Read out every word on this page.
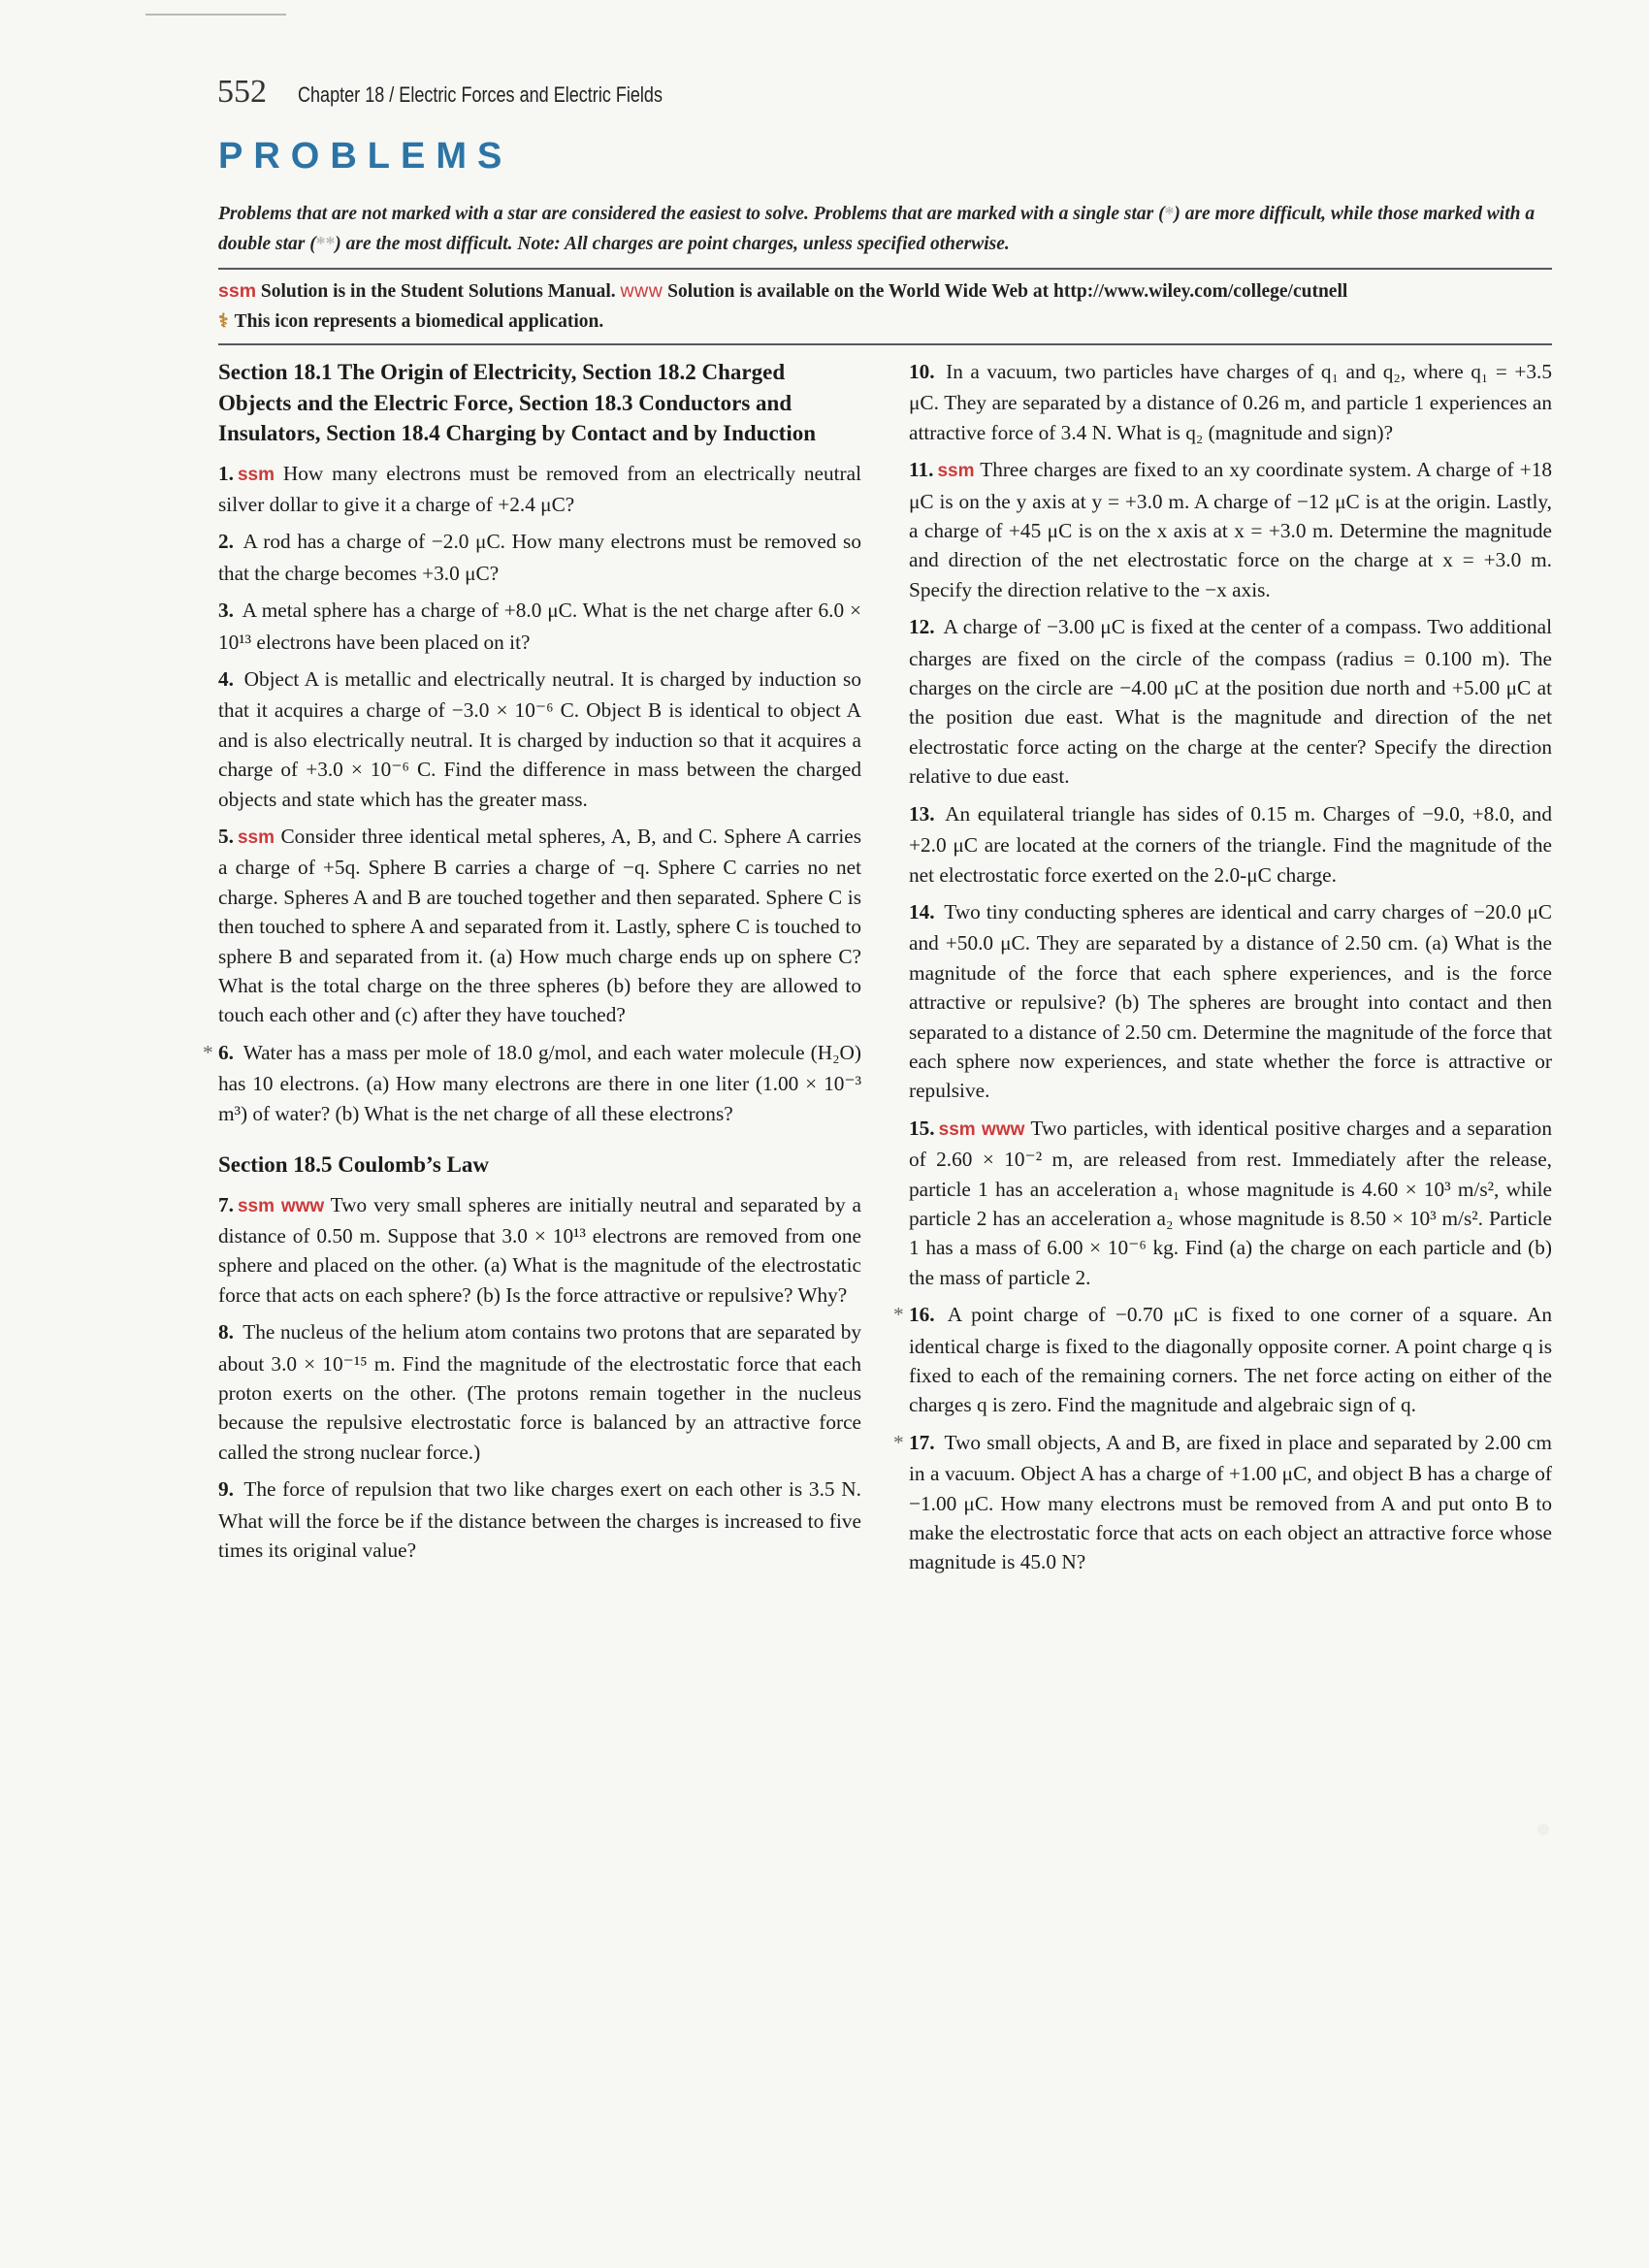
552 Chapter 18 / Electric Forces and Electric Fields
PROBLEMS
Problems that are not marked with a star are considered the easiest to solve. Problems that are marked with a single star (*) are more difficult, while those marked with a double star (**) are the most difficult. Note: All charges are point charges, unless specified otherwise.
ssm Solution is in the Student Solutions Manual. www Solution is available on the World Wide Web at http://www.wiley.com/college/cutnell
⚕ This icon represents a biomedical application.
Section 18.1 The Origin of Electricity, Section 18.2 Charged Objects and the Electric Force, Section 18.3 Conductors and Insulators, Section 18.4 Charging by Contact and by Induction
1. ssm How many electrons must be removed from an electrically neutral silver dollar to give it a charge of +2.4 μC?
2. A rod has a charge of −2.0 μC. How many electrons must be removed so that the charge becomes +3.0 μC?
3. A metal sphere has a charge of +8.0 μC. What is the net charge after 6.0 × 10¹³ electrons have been placed on it?
4. Object A is metallic and electrically neutral. It is charged by induction so that it acquires a charge of −3.0 × 10⁻⁶ C. Object B is identical to object A and is also electrically neutral. It is charged by induction so that it acquires a charge of +3.0 × 10⁻⁶ C. Find the difference in mass between the charged objects and state which has the greater mass.
5. ssm Consider three identical metal spheres, A, B, and C. Sphere A carries a charge of +5q. Sphere B carries a charge of −q. Sphere C carries no net charge. Spheres A and B are touched together and then separated. Sphere C is then touched to sphere A and separated from it. Lastly, sphere C is touched to sphere B and separated from it. (a) How much charge ends up on sphere C? What is the total charge on the three spheres (b) before they are allowed to touch each other and (c) after they have touched?
* 6. Water has a mass per mole of 18.0 g/mol, and each water molecule (H₂O) has 10 electrons. (a) How many electrons are there in one liter (1.00 × 10⁻³ m³) of water? (b) What is the net charge of all these electrons?
Section 18.5 Coulomb’s Law
7. ssm www Two very small spheres are initially neutral and separated by a distance of 0.50 m. Suppose that 3.0 × 10¹³ electrons are removed from one sphere and placed on the other. (a) What is the magnitude of the electrostatic force that acts on each sphere? (b) Is the force attractive or repulsive? Why?
8. The nucleus of the helium atom contains two protons that are separated by about 3.0 × 10⁻¹⁵ m. Find the magnitude of the electrostatic force that each proton exerts on the other. (The protons remain together in the nucleus because the repulsive electrostatic force is balanced by an attractive force called the strong nuclear force.)
9. The force of repulsion that two like charges exert on each other is 3.5 N. What will the force be if the distance between the charges is increased to five times its original value?
10. In a vacuum, two particles have charges of q₁ and q₂, where q₁ = +3.5 μC. They are separated by a distance of 0.26 m, and particle 1 experiences an attractive force of 3.4 N. What is q₂ (magnitude and sign)?
11. ssm Three charges are fixed to an xy coordinate system. A charge of +18 μC is on the y axis at y = +3.0 m. A charge of −12 μC is at the origin. Lastly, a charge of +45 μC is on the x axis at x = +3.0 m. Determine the magnitude and direction of the net electrostatic force on the charge at x = +3.0 m. Specify the direction relative to the −x axis.
12. A charge of −3.00 μC is fixed at the center of a compass. Two additional charges are fixed on the circle of the compass (radius = 0.100 m). The charges on the circle are −4.00 μC at the position due north and +5.00 μC at the position due east. What is the magnitude and direction of the net electrostatic force acting on the charge at the center? Specify the direction relative to due east.
13. An equilateral triangle has sides of 0.15 m. Charges of −9.0, +8.0, and +2.0 μC are located at the corners of the triangle. Find the magnitude of the net electrostatic force exerted on the 2.0-μC charge.
14. Two tiny conducting spheres are identical and carry charges of −20.0 μC and +50.0 μC. They are separated by a distance of 2.50 cm. (a) What is the magnitude of the force that each sphere experiences, and is the force attractive or repulsive? (b) The spheres are brought into contact and then separated to a distance of 2.50 cm. Determine the magnitude of the force that each sphere now experiences, and state whether the force is attractive or repulsive.
15. ssm www Two particles, with identical positive charges and a separation of 2.60 × 10⁻² m, are released from rest. Immediately after the release, particle 1 has an acceleration a₁ whose magnitude is 4.60 × 10³ m/s², while particle 2 has an acceleration a₂ whose magnitude is 8.50 × 10³ m/s². Particle 1 has a mass of 6.00 × 10⁻⁶ kg. Find (a) the charge on each particle and (b) the mass of particle 2.
* 16. A point charge of −0.70 μC is fixed to one corner of a square. An identical charge is fixed to the diagonally opposite corner. A point charge q is fixed to each of the remaining corners. The net force acting on either of the charges q is zero. Find the magnitude and algebraic sign of q.
* 17. Two small objects, A and B, are fixed in place and separated by 2.00 cm in a vacuum. Object A has a charge of +1.00 μC, and object B has a charge of −1.00 μC. How many electrons must be removed from A and put onto B to make the electrostatic force that acts on each object an attractive force whose magnitude is 45.0 N?
